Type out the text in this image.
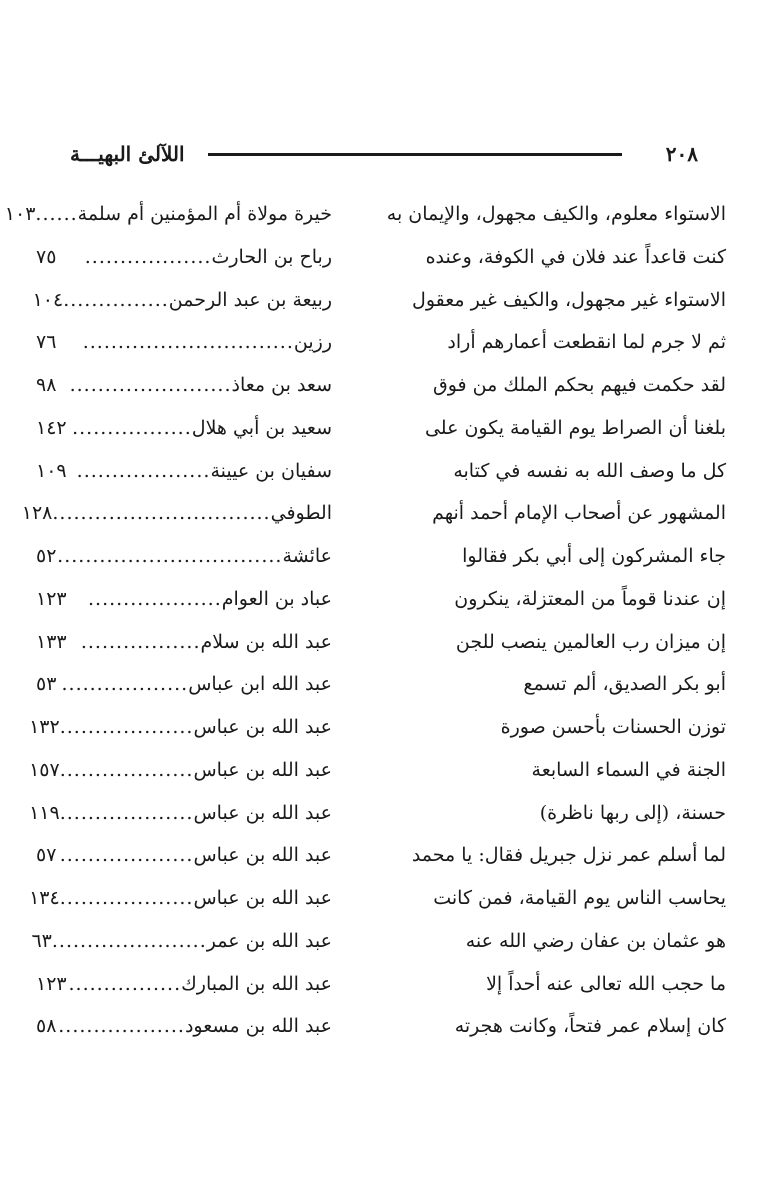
٢٠٨
اللآلئ البهيـــة
الاستواء معلوم، والكيف مجهول، والإيمان به
كنت قاعداً عند فلان في الكوفة، وعنده
الاستواء غير مجهول، والكيف غير معقول
ثم لا جرم لما انقطعت أعمارهم أراد
لقد حكمت فيهم بحكم الملك من فوق
بلغنا أن الصراط يوم القيامة يكون على
كل ما وصف الله به نفسه في كتابه
المشهور عن أصحاب الإمام أحمد أنهم
جاء المشركون إلى أبي بكر فقالوا
إن عندنا قوماً من المعتزلة، ينكرون
إن ميزان رب العالمين ينصب للجن
أبو بكر الصديق، ألم تسمع
توزن الحسنات بأحسن صورة
الجنة في السماء السابعة
حسنة، (إلى ربها ناظرة)
لما أسلم عمر نزل جبريل فقال: يا محمد
يحاسب الناس يوم القيامة، فمن كانت
هو عثمان بن عفان رضي الله عنه
ما حجب الله تعالى عنه أحداً إلا
كان إسلام عمر فتحاً، وكانت هجرته
خيرة مولاة أم المؤمنين أم سلمة
......
١٠٣
رباح بن الحارث
..................
٧٥
ربيعة بن عبد الرحمن
...............
١٠٤
رزين
..............................
٧٦
سعد بن معاذ
.......................
٩٨
سعيد بن أبي هلال
.................
١٤٢
سفيان بن عيينة
...................
١٠٩
الطوفي
...............................
١٢٨
عائشة
................................
٥٢
عباد بن العوام
...................
١٢٣
عبد الله بن سلام
.................
١٣٣
عبد الله ابن عباس
..................
٥٣
عبد الله بن عباس
...................
١٣٢
عبد الله بن عباس
...................
١٥٧
عبد الله بن عباس
...................
١١٩
عبد الله بن عباس
...................
٥٧
عبد الله بن عباس
...................
١٣٤
عبد الله بن عمر
......................
٦٣
عبد الله بن المبارك
................
١٢٣
عبد الله بن مسعود
..................
٥٨
